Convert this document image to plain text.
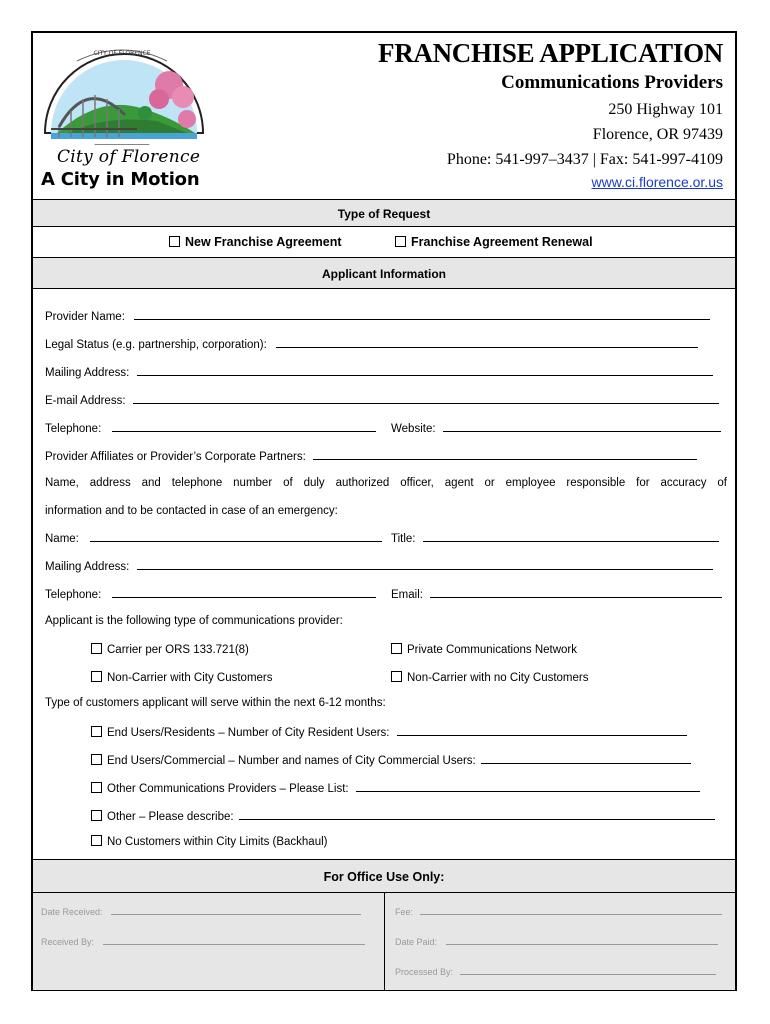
CITY OF FLORENCE
─────────────
City of Florence
A City in Motion
FRANCHISE APPLICATION
Communications Providers
250 Highway 101
Florence, OR 97439
Phone: 541-997–3437 | Fax: 541-997-4109
www.ci.florence.or.us
Type of Request
New Franchise Agreement	Franchise Agreement Renewal
Applicant Information
Provider Name:
Legal Status (e.g. partnership, corporation):
Mailing Address:
E-mail Address:
Telephone:	Website:
Provider Affiliates or Provider’s Corporate Partners:
Name, address and telephone number of duly authorized officer, agent or employee responsible for accuracy of
information and to be contacted in case of an emergency:
Name:	Title:
Mailing Address:
Telephone:	Email:
Applicant is the following type of communications provider:
Carrier per ORS 133.721(8)	Private Communications Network
Non-Carrier with City Customers	Non-Carrier with no City Customers
Type of customers applicant will serve within the next 6-12 months:
End Users/Residents – Number of City Resident Users:
End Users/Commercial – Number and names of City Commercial Users:
Other Communications Providers – Please List:
Other – Please describe:
No Customers within City Limits (Backhaul)
For Office Use Only:
Date Received:
Received By:
Fee:
Date Paid:
Processed By:
